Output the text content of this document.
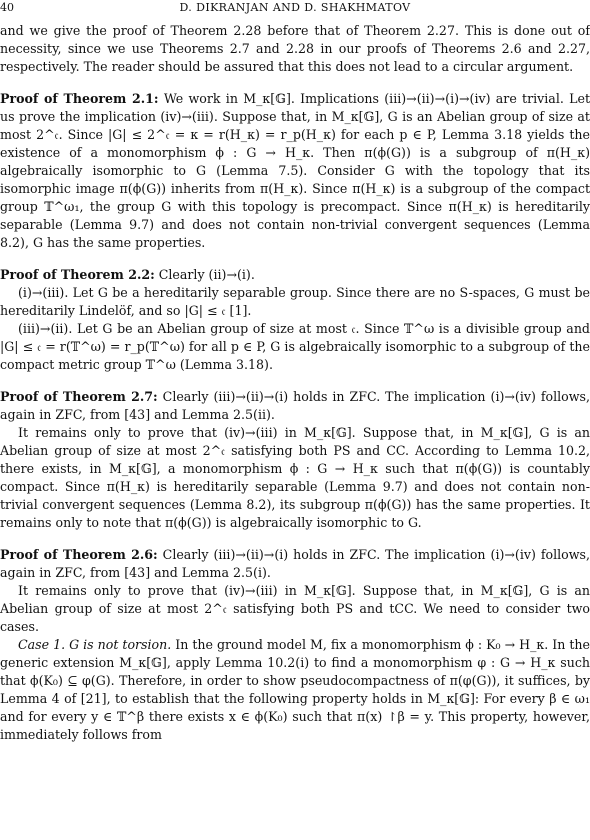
40	D. DIKRANJAN AND D. SHAKHMATOV

and we give the proof of Theorem 2.28 before that of Theorem 2.27. This is done out of necessity, since we use Theorems 2.7 and 2.28 in our proofs of Theorems 2.6 and 2.27, respectively. The reader should be assured that this does not lead to a circular argument.

Proof of Theorem 2.1: We work in M_κ[𝔾]. Implications (iii)→(ii)→(i)→(iv) are trivial. Let us prove the implication (iv)→(iii). Suppose that, in M_κ[𝔾], G is an Abelian group of size at most 2^𝔠. Since |G| ≤ 2^𝔠 = κ = r(H_κ) = r_p(H_κ) for each p ∈ P, Lemma 3.18 yields the existence of a monomorphism ϕ : G → H_κ. Then π(ϕ(G)) is a subgroup of π(H_κ) algebraically isomorphic to G (Lemma 7.5). Consider G with the topology that its isomorphic image π(ϕ(G)) inherits from π(H_κ). Since π(H_κ) is a subgroup of the compact group 𝕋^ω₁, the group G with this topology is precompact. Since π(H_κ) is hereditarily separable (Lemma 9.7) and does not contain non-trivial convergent sequences (Lemma 8.2), G has the same properties.

Proof of Theorem 2.2: Clearly (ii)→(i).

(i)→(iii). Let G be a hereditarily separable group. Since there are no S-spaces, G must be hereditarily Lindelöf, and so |G| ≤ 𝔠 [1].

(iii)→(ii). Let G be an Abelian group of size at most 𝔠. Since 𝕋^ω is a divisible group and |G| ≤ 𝔠 = r(𝕋^ω) = r_p(𝕋^ω) for all p ∈ P, G is algebraically isomorphic to a subgroup of the compact metric group 𝕋^ω (Lemma 3.18).

Proof of Theorem 2.7: Clearly (iii)→(ii)→(i) holds in ZFC. The implication (i)→(iv) follows, again in ZFC, from [43] and Lemma 2.5(ii).

It remains only to prove that (iv)→(iii) in M_κ[𝔾]. Suppose that, in M_κ[𝔾], G is an Abelian group of size at most 2^𝔠 satisfying both PS and CC. According to Lemma 10.2, there exists, in M_κ[𝔾], a monomorphism ϕ : G → H_κ such that π(ϕ(G)) is countably compact. Since π(H_κ) is hereditarily separable (Lemma 9.7) and does not contain non-trivial convergent sequences (Lemma 8.2), its subgroup π(ϕ(G)) has the same properties. It remains only to note that π(ϕ(G)) is algebraically isomorphic to G.

Proof of Theorem 2.6: Clearly (iii)→(ii)→(i) holds in ZFC. The implication (i)→(iv) follows, again in ZFC, from [43] and Lemma 2.5(i).

It remains only to prove that (iv)→(iii) in M_κ[𝔾]. Suppose that, in M_κ[𝔾], G is an Abelian group of size at most 2^𝔠 satisfying both PS and tCC. We need to consider two cases.

Case 1. G is not torsion. In the ground model M, fix a monomorphism ϕ : K₀ → H_κ. In the generic extension M_κ[𝔾], apply Lemma 10.2(i) to find a monomorphism φ : G → H_κ such that ϕ(K₀) ⊆ φ(G). Therefore, in order to show pseudocompactness of π(φ(G)), it suffices, by Lemma 4 of [21], to establish that the following property holds in M_κ[𝔾]: For every β ∈ ω₁ and for every y ∈ 𝕋^β there exists x ∈ ϕ(K₀) such that π(x) ↾β = y. This property, however, immediately follows from
